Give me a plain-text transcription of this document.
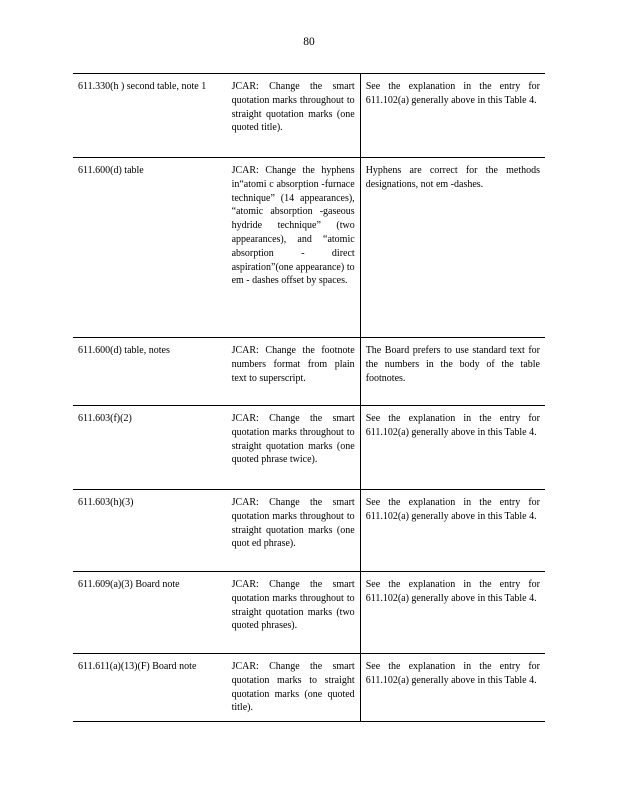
80
611.330(h ) second table, note 1	JCAR: Change the smart quotation marks throughout to straight quotation marks (one quoted title).	See the explanation in the entry for 611.102(a) generally above in this Table 4.

611.600(d) table	JCAR: Change the hyphens in“atomi c absorption -furnace technique” (14 appearances), “atomic absorption -gaseous hydride technique” (two appearances), and “atomic absorption - direct aspiration”(one appearance) to em - dashes offset by spaces.	Hyphens are correct for the methods designations, not em -dashes.

611.600(d) table, notes	JCAR: Change the footnote numbers format from plain text to superscript.	The Board prefers to use standard text for the numbers in the body of the table footnotes.

611.603(f)(2)	JCAR: Change the smart quotation marks throughout to straight quotation marks (one quoted phrase twice).	See the explanation in the entry for 611.102(a) generally above in this Table 4.

611.603(h)(3)	JCAR: Change the smart quotation marks throughout to straight quotation marks (one quot ed phrase).	See the explanation in the entry for 611.102(a) generally above in this Table 4.

611.609(a)(3) Board note	JCAR: Change the smart quotation marks throughout to straight quotation marks (two quoted phrases).	See the explanation in the entry for 611.102(a) generally above in this Table 4.

611.611(a)(13)(F) Board note	JCAR: Change the smart quotation marks to straight quotation marks (one quoted title).	See the explanation in the entry for 611.102(a) generally above in this Table 4.
